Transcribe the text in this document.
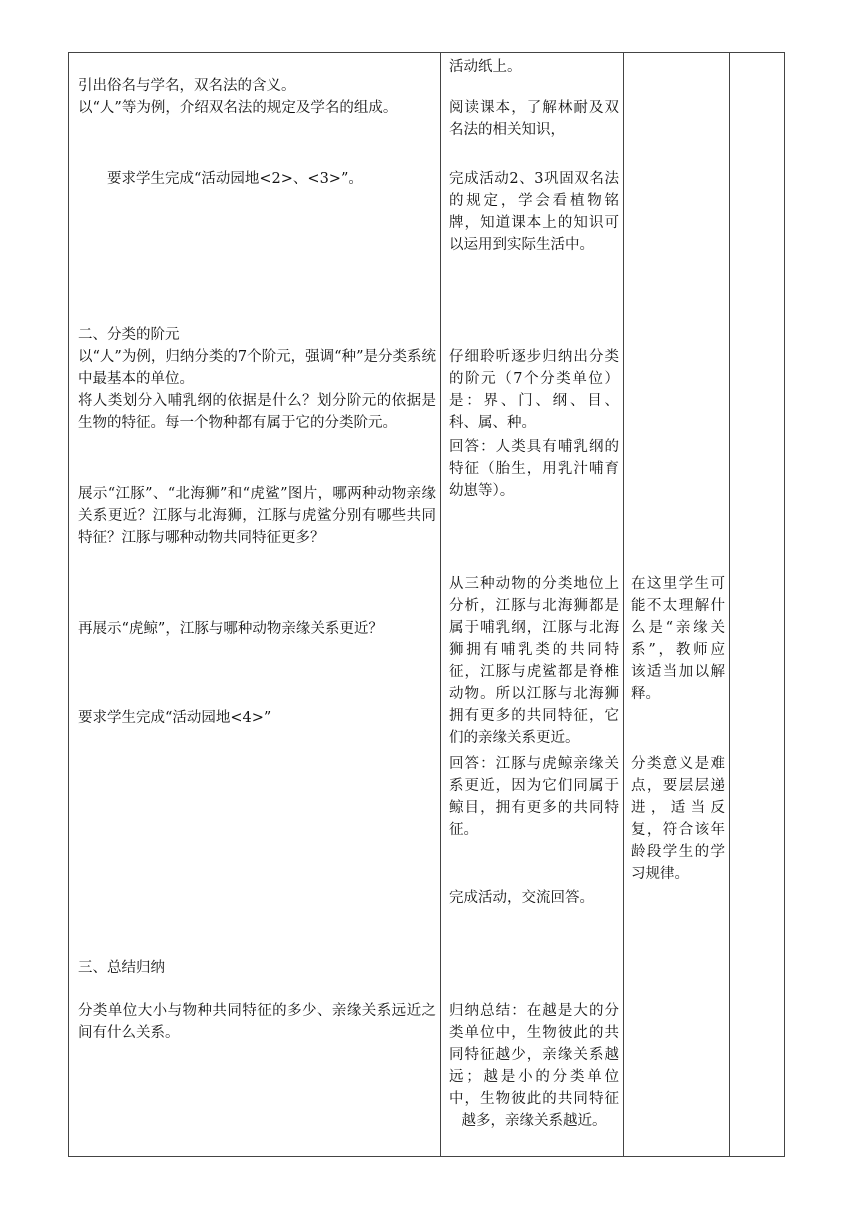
引出俗名与学名，双名法的含义。

以“人”等为例，介绍双名法的规定及学名的组成。

　　要求学生完成“活动园地<2>、<3>”。

二、分类的阶元

以“人”为例，归纳分类的7个阶元，强调“种”是分类系统中最基本的单位。

将人类划分入哺乳纲的依据是什么？划分阶元的依据是生物的特征。每一个物种都有属于它的分类阶元。

展示“江豚”、“北海狮”和“虎鲨”图片，哪两种动物亲缘关系更近？江豚与北海狮，江豚与虎鲨分别有哪些共同特征？江豚与哪种动物共同特征更多？

再展示“虎鲸”，江豚与哪种动物亲缘关系更近？

要求学生完成“活动园地<4>”

三、总结归纳

分类单位大小与物种共同特征的多少、亲缘关系远近之间有什么关系。

活动纸上。

阅读课本，了解林耐及双名法的相关知识，

完成活动2、3巩固双名法的规定，学会看植物铭牌，知道课本上的知识可以运用到实际生活中。

仔细聆听逐步归纳出分类的阶元（7个分类单位）是：界、门、纲、目、科、属、种。

回答：人类具有哺乳纲的特征（胎生，用乳汁哺育幼崽等）。

从三种动物的分类地位上分析，江豚与北海狮都是属于哺乳纲，江豚与北海狮拥有哺乳类的共同特征，江豚与虎鲨都是脊椎动物。所以江豚与北海狮拥有更多的共同特征，它们的亲缘关系更近。

回答：江豚与虎鲸亲缘关系更近，因为它们同属于鲸目，拥有更多的共同特征。

完成活动，交流回答。

归纳总结：在越是大的分类单位中，生物彼此的共同特征越少，亲缘关系越远；越是小的分类单位中，生物彼此的共同特征越多，亲缘关系越近。

在这里学生可能不太理解什么是“亲缘关系”，教师应该适当加以解释。

分类意义是难点，要层层递进，适当反复，符合该年龄段学生的学习规律。
